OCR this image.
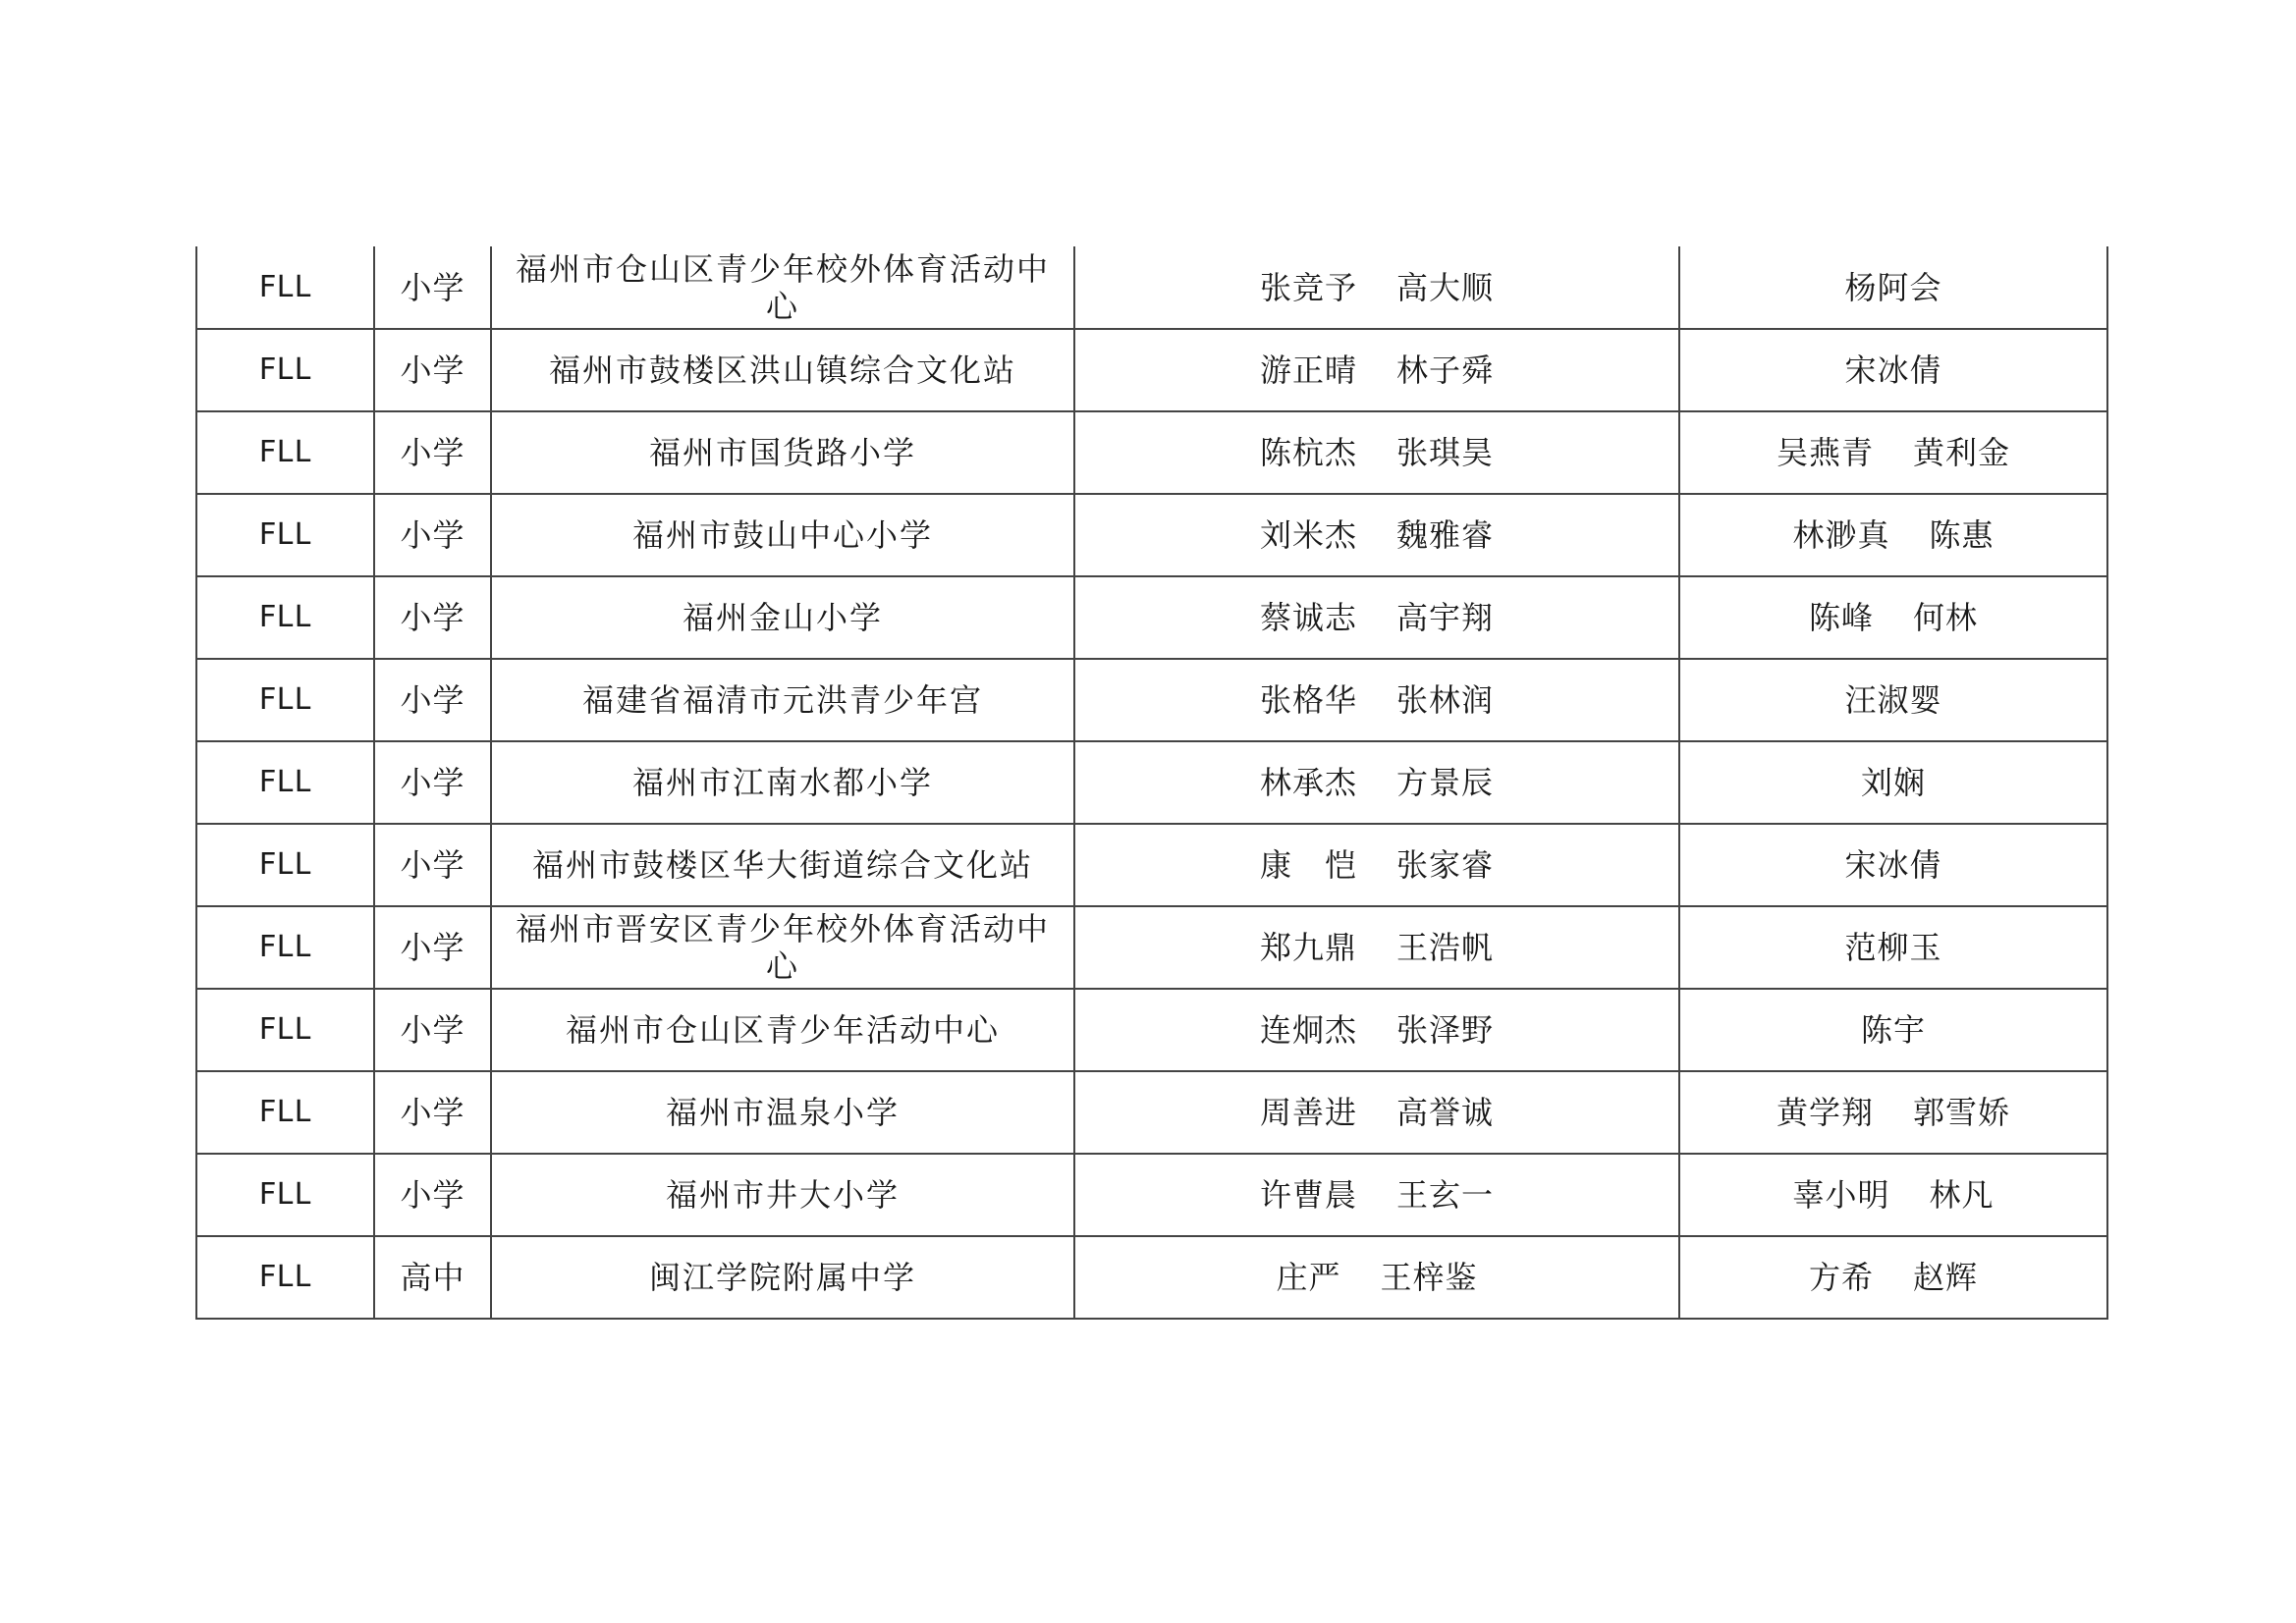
FLL	小学	福州市仓山区青少年校外体育活动中心	张竞予 高大顺	杨阿会
FLL	小学	福州市鼓楼区洪山镇综合文化站	游正晴 林子舜	宋冰倩
FLL	小学	福州市国货路小学	陈杭杰 张琪昊	吴燕青 黄利金
FLL	小学	福州市鼓山中心小学	刘米杰 魏雅睿	林渺真 陈惠
FLL	小学	福州金山小学	蔡诚志 高宇翔	陈峰 何林
FLL	小学	福建省福清市元洪青少年宫	张格华 张林润	汪淑婴
FLL	小学	福州市江南水都小学	林承杰 方景辰	刘娴
FLL	小学	福州市鼓楼区华大街道综合文化站	康　恺 张家睿	宋冰倩
FLL	小学	福州市晋安区青少年校外体育活动中心	郑九鼎 王浩帆	范柳玉
FLL	小学	福州市仓山区青少年活动中心	连炯杰 张泽野	陈宇
FLL	小学	福州市温泉小学	周善进 高誉诚	黄学翔 郭雪娇
FLL	小学	福州市井大小学	许曹晨 王玄一	辜小明 林凡
FLL	高中	闽江学院附属中学	庄严 王梓鉴	方希 赵辉
